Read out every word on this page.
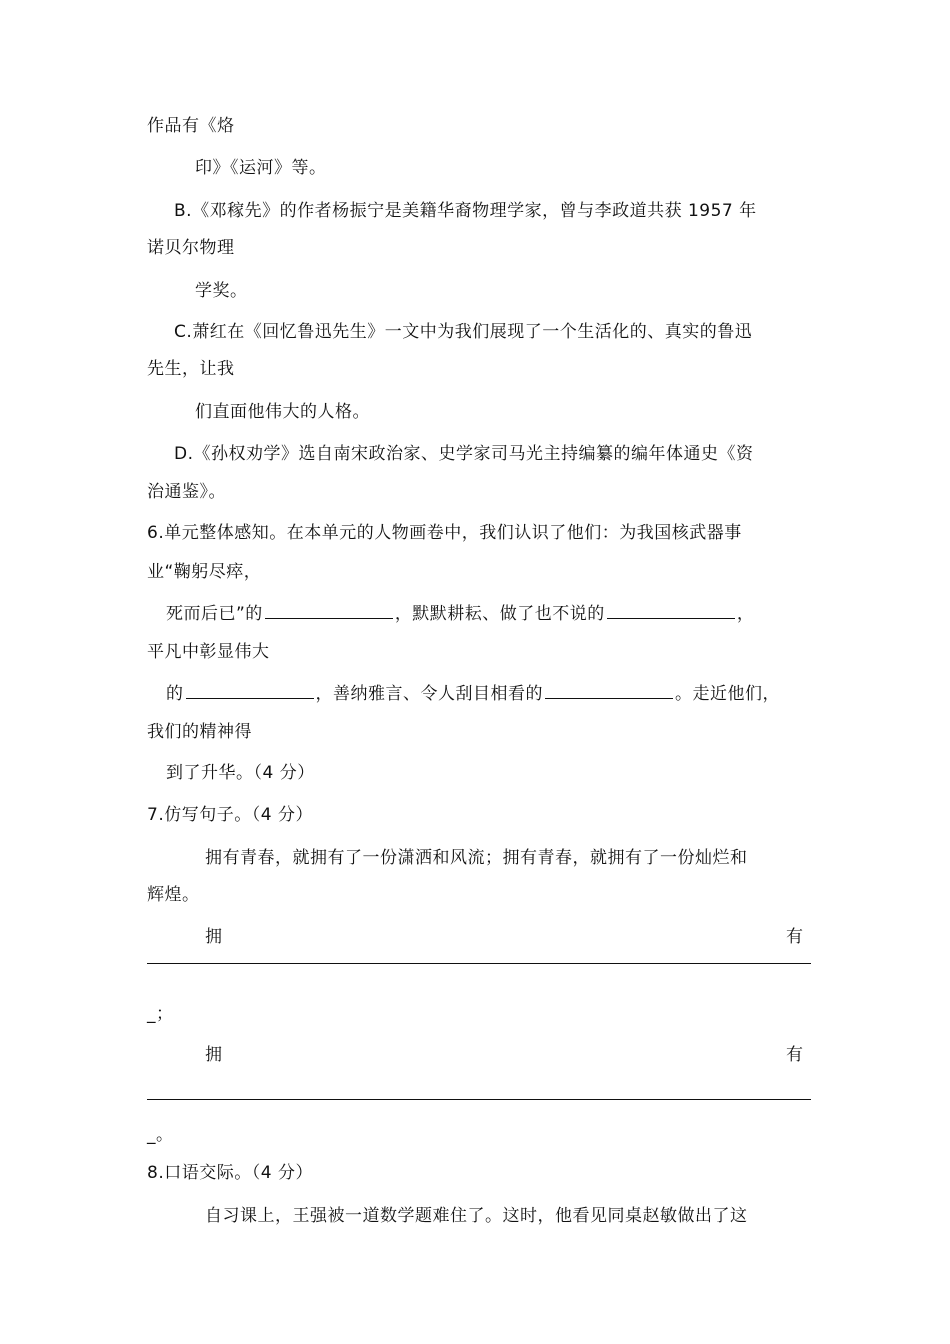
作品有《烙
印》《运河》等。
B.《邓稼先》的作者杨振宁是美籍华裔物理学家，曾与李政道共获 1957 年
诺贝尔物理
学奖。
C.萧红在《回忆鲁迅先生》一文中为我们展现了一个生活化的、真实的鲁迅
先生，让我
们直面他伟大的人格。
D.《孙权劝学》选自南宋政治家、史学家司马光主持编纂的编年体通史《资
治通鉴》。
6.单元整体感知。在本单元的人物画卷中，我们认识了他们：为我国核武器事
业“鞠躬尽瘁，
死而后已”的	，默默耕耘、做了也不说的	，
平凡中彰显伟大
的	，善纳雅言、令人刮目相看的	。走近他们，
我们的精神得
到了升华。（4 分）
7.仿写句子。（4 分）
拥有青春，就拥有了一份潇洒和风流；拥有青春，就拥有了一份灿烂和
辉煌。
拥	有
_；
拥	有
_。
8.口语交际。（4 分）
自习课上，王强被一道数学题难住了。这时，他看见同桌赵敏做出了这
